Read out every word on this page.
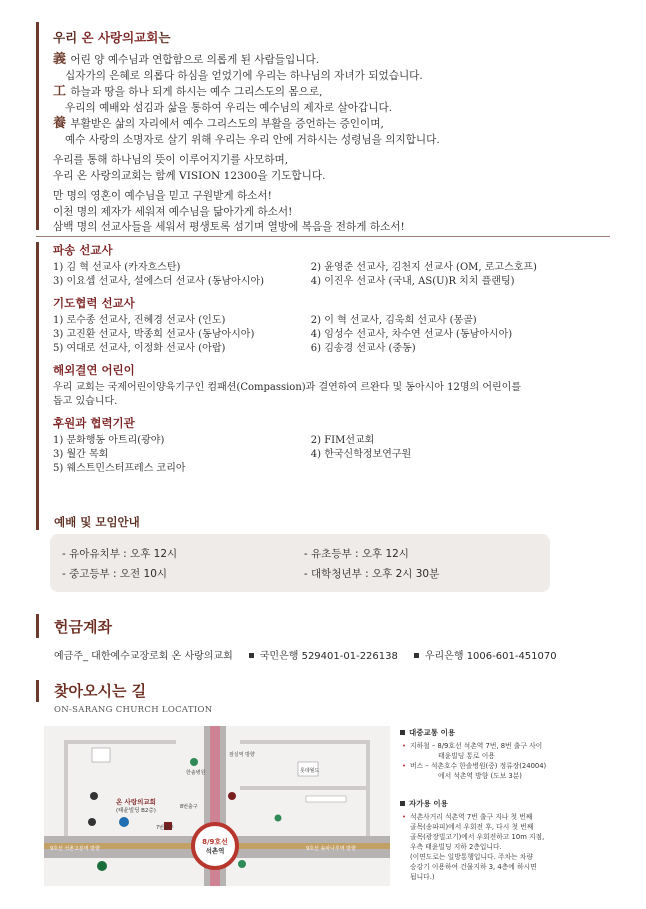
우리 온 사랑의교회는
義 어린 양 예수님과 연합함으로 의롭게 된 사람들입니다.
십자가의 은혜로 의롭다 하심을 얻었기에 우리는 하나님의 자녀가 되었습니다.
工 하늘과 땅을 하나 되게 하시는 예수 그리스도의 몸으로,
우리의 예배와 섬김과 삶을 통하여 우리는 예수님의 제자로 살아갑니다.
養 부활받은 삶의 자리에서 예수 그리스도의 부활을 증언하는 증인이며,
예수 사랑의 소명자로 살기 위해 우리는 우리 안에 거하시는 성령님을 의지합니다.
우리를 통해 하나님의 뜻이 이루어지기를 사모하며,
우리 온 사랑의교회는 함께 VISION 12300을 기도합니다.
만 명의 영혼이 예수님을 믿고 구원받게 하소서!
이천 명의 제자가 세워져 예수님을 닮아가게 하소서!
삼백 명의 선교사들을 세워서 평생토록 섬기며 열방에 복음을 전하게 하소서!
파송 선교사
1) 김 혁 선교사 (카자흐스탄)	2) 윤영준 선교사, 김천지 선교사 (OM, 로고스호프)
3) 이요셉 선교사, 설에스더 선교사 (동남아시아)	4) 이진우 선교사 (국내, AS(U)R 치치 플랜팅)
기도협력 선교사
1) 로수종 선교사, 진혜경 선교사 (인도)	2) 이 혁 선교사, 김욱희 선교사 (몽골)
3) 고진환 선교사, 박종희 선교사 (동남아시아)	4) 임성수 선교사, 차수연 선교사 (동남아시아)
5) 여대로 선교사, 이정화 선교사 (아랍)	6) 김송경 선교사 (중동)
해외결연 어린이
우리 교회는 국제어린이양육기구인 컴패션(Compassion)과 결연하여 르완다 및 동아시아 12명의 어린이를
돕고 있습니다.
후원과 협력기관
1) 문화행동 아트리(광야)	2) FIM선교회
3) 월간 목회	4) 한국신학정보연구원
5) 웨스트민스터프레스 코리아
예배 및 모임안내
- 유아유치부 : 오후 12시	- 유초등부 : 오후 12시
- 중고등부 : 오전 10시	- 대학청년부 : 오후 2시 30분
헌금계좌
예금주_ 대한예수교장로회 온 사랑의교회	국민은행 529401-01-226138	우리은행 1006-601-451070
찾아오시는 길
ON-SARANG CHURCH LOCATION
8/9호선
석촌역
온 사랑의교회
(태윤빌딩 B2층)
8번출구
7번출구
9호선 석촌고분역 방향	9호선 송파나루역 방향
잠실역 방향
롯데월드
한솔병원
대중교통 이용
• 지하철 – 8/9호선 석촌역 7번, 8번 출구 사이
태윤빌딩 통로 이용
• 버스 – 석촌호수 한솔병원(중) 정류장(24004)
에서 석촌역 방향 (도보 3분)
자가용 이용
• 석촌사거리 석촌역 7번 출구 지나 첫 번째
골목(송파피)에서 우회전 후, 다시 첫 번째
골목(광장빌고기)에서 우회전하고 10m 지점,
우측 태윤빌딩 지하 2층입니다.
(이면도로는 일방통행입니다. 주차는 차량
승강기 이용하여 건물지하 3, 4층에 하시면
됩니다.)
